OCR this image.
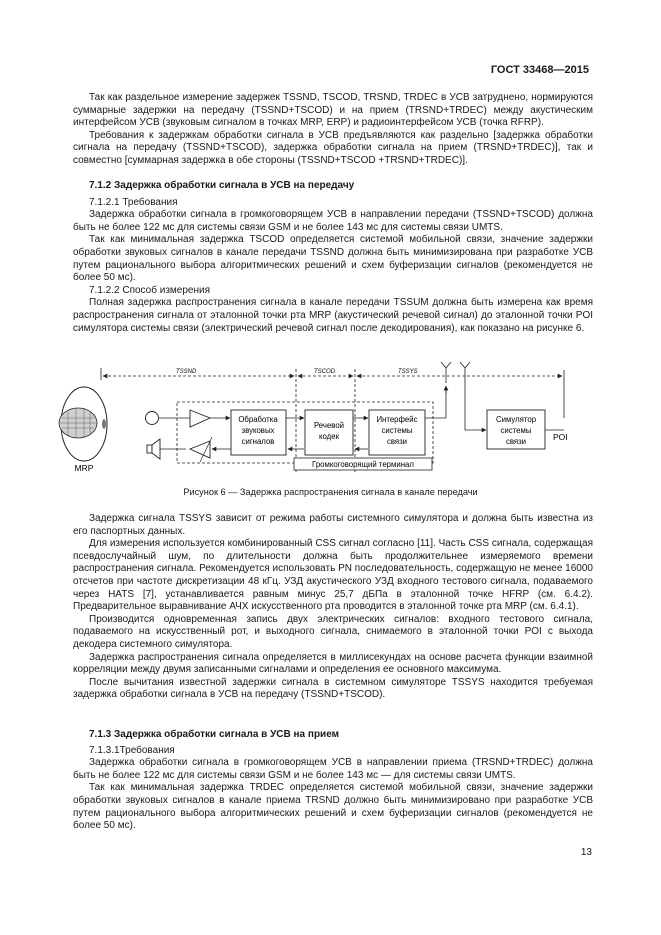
ГОСТ 33468—2015

Так как раздельное измерение задержек TSSND, TSCOD, TRSND, TRDEC в УСВ затруднено, нормируются суммарные задержки на передачу (TSSND+TSCOD) и на прием (TRSND+TRDEC) между акустическим интерфейсом УСВ (звуковым сигналом в точках MRP, ERP) и радиоинтерфейсом УСВ (точка RFRP).

Требования к задержкам обработки сигнала в УСВ предъявляются как раздельно [задержка обработки сигнала на передачу (TSSND+TSCOD), задержка обработки сигнала на прием (TRSND+TRDEC)], так и совместно [суммарная задержка в обе стороны (TSSND+TSCOD +TRSND+TRDEC)].

7.1.2 Задержка обработки сигнала в УСВ на передачу

7.1.2.1 Требования

Задержка обработки сигнала в громкоговорящем УСВ в направлении передачи (TSSND+TSCOD) должна быть не более 122 мс для системы связи GSM и не более 143 мс для системы связи UMTS.

Так как минимальная задержка TSCOD определяется системой мобильной связи, значение задержки обработки звуковых сигналов в канале передачи TSSND должна быть минимизирована при разработке УСВ путем рационального выбора алгоритмических решений и схем буферизации сигналов (рекомендуется не более 50 мс).

7.1.2.2 Способ измерения

Полная задержка распространения сигнала в канале передачи TSSUM должна быть измерена как время распространения сигнала от эталонной точки рта MRP (акустический речевой сигнал) до эталонной точки POI симулятора системы связи (электрический речевой сигнал после декодирования), как показано на рисунке 6.

TSSND	TSCOD	TSSYS
MRP	Громкоговорящий терминал
Обработка
звуковых
сигналов
Речевой
кодек
Интерфейс
системы
связи
Симулятор
системы
связи	POI
Рисунок 6 — Задержка распространения сигнала в канале передачи

Задержка сигнала TSSYS зависит от режима работы системного симулятора и должна быть известна из его паспортных данных.

Для измерения используется комбинированный CSS сигнал согласно [11]. Часть CSS сигнала, содержащая псевдослучайный шум, по длительности должна быть продолжительнее измеряемого времени распространения сигнала. Рекомендуется использовать PN последовательность, содержащую не менее 16000 отсчетов при частоте дискретизации 48 кГц. УЗД акустического УЗД входного тестового сигнала, подаваемого через HATS [7], устанавливается равным минус 25,7 дБПа в эталонной точке HFRP (см. 6.4.2). Предварительное выравнивание АЧХ искусственного рта проводится в эталонной точке рта MRP (см. 6.4.1).

Производится одновременная запись двух электрических сигналов: входного тестового сигнала, подаваемого на искусственный рот, и выходного сигнала, снимаемого в эталонной точки POI с выхода декодера системного симулятора.

Задержка распространения сигнала определяется в миллисекундах на основе расчета функции взаимной корреляции между двумя записанными сигналами и определения ее основного максимума.

После вычитания известной задержки сигнала в системном симуляторе TSSYS находится требуемая задержка обработки сигнала в УСВ на передачу (TSSND+TSCOD).

7.1.3 Задержка обработки сигнала в УСВ на прием

7.1.3.1Требования

Задержка обработки сигнала в громкоговорящем УСВ в направлении приема (TRSND+TRDEC) должна быть не более 122 мс для системы связи GSM и не более 143 мс — для системы связи UMTS.

Так как минимальная задержка TRDEC определяется системой мобильной связи, значение задержки обработки звуковых сигналов в канале приема TRSND должно быть минимизировано при разработке УСВ путем рационального выбора алгоритмических решений и схем буферизации сигналов (рекомендуется не более 50 мс).

13
